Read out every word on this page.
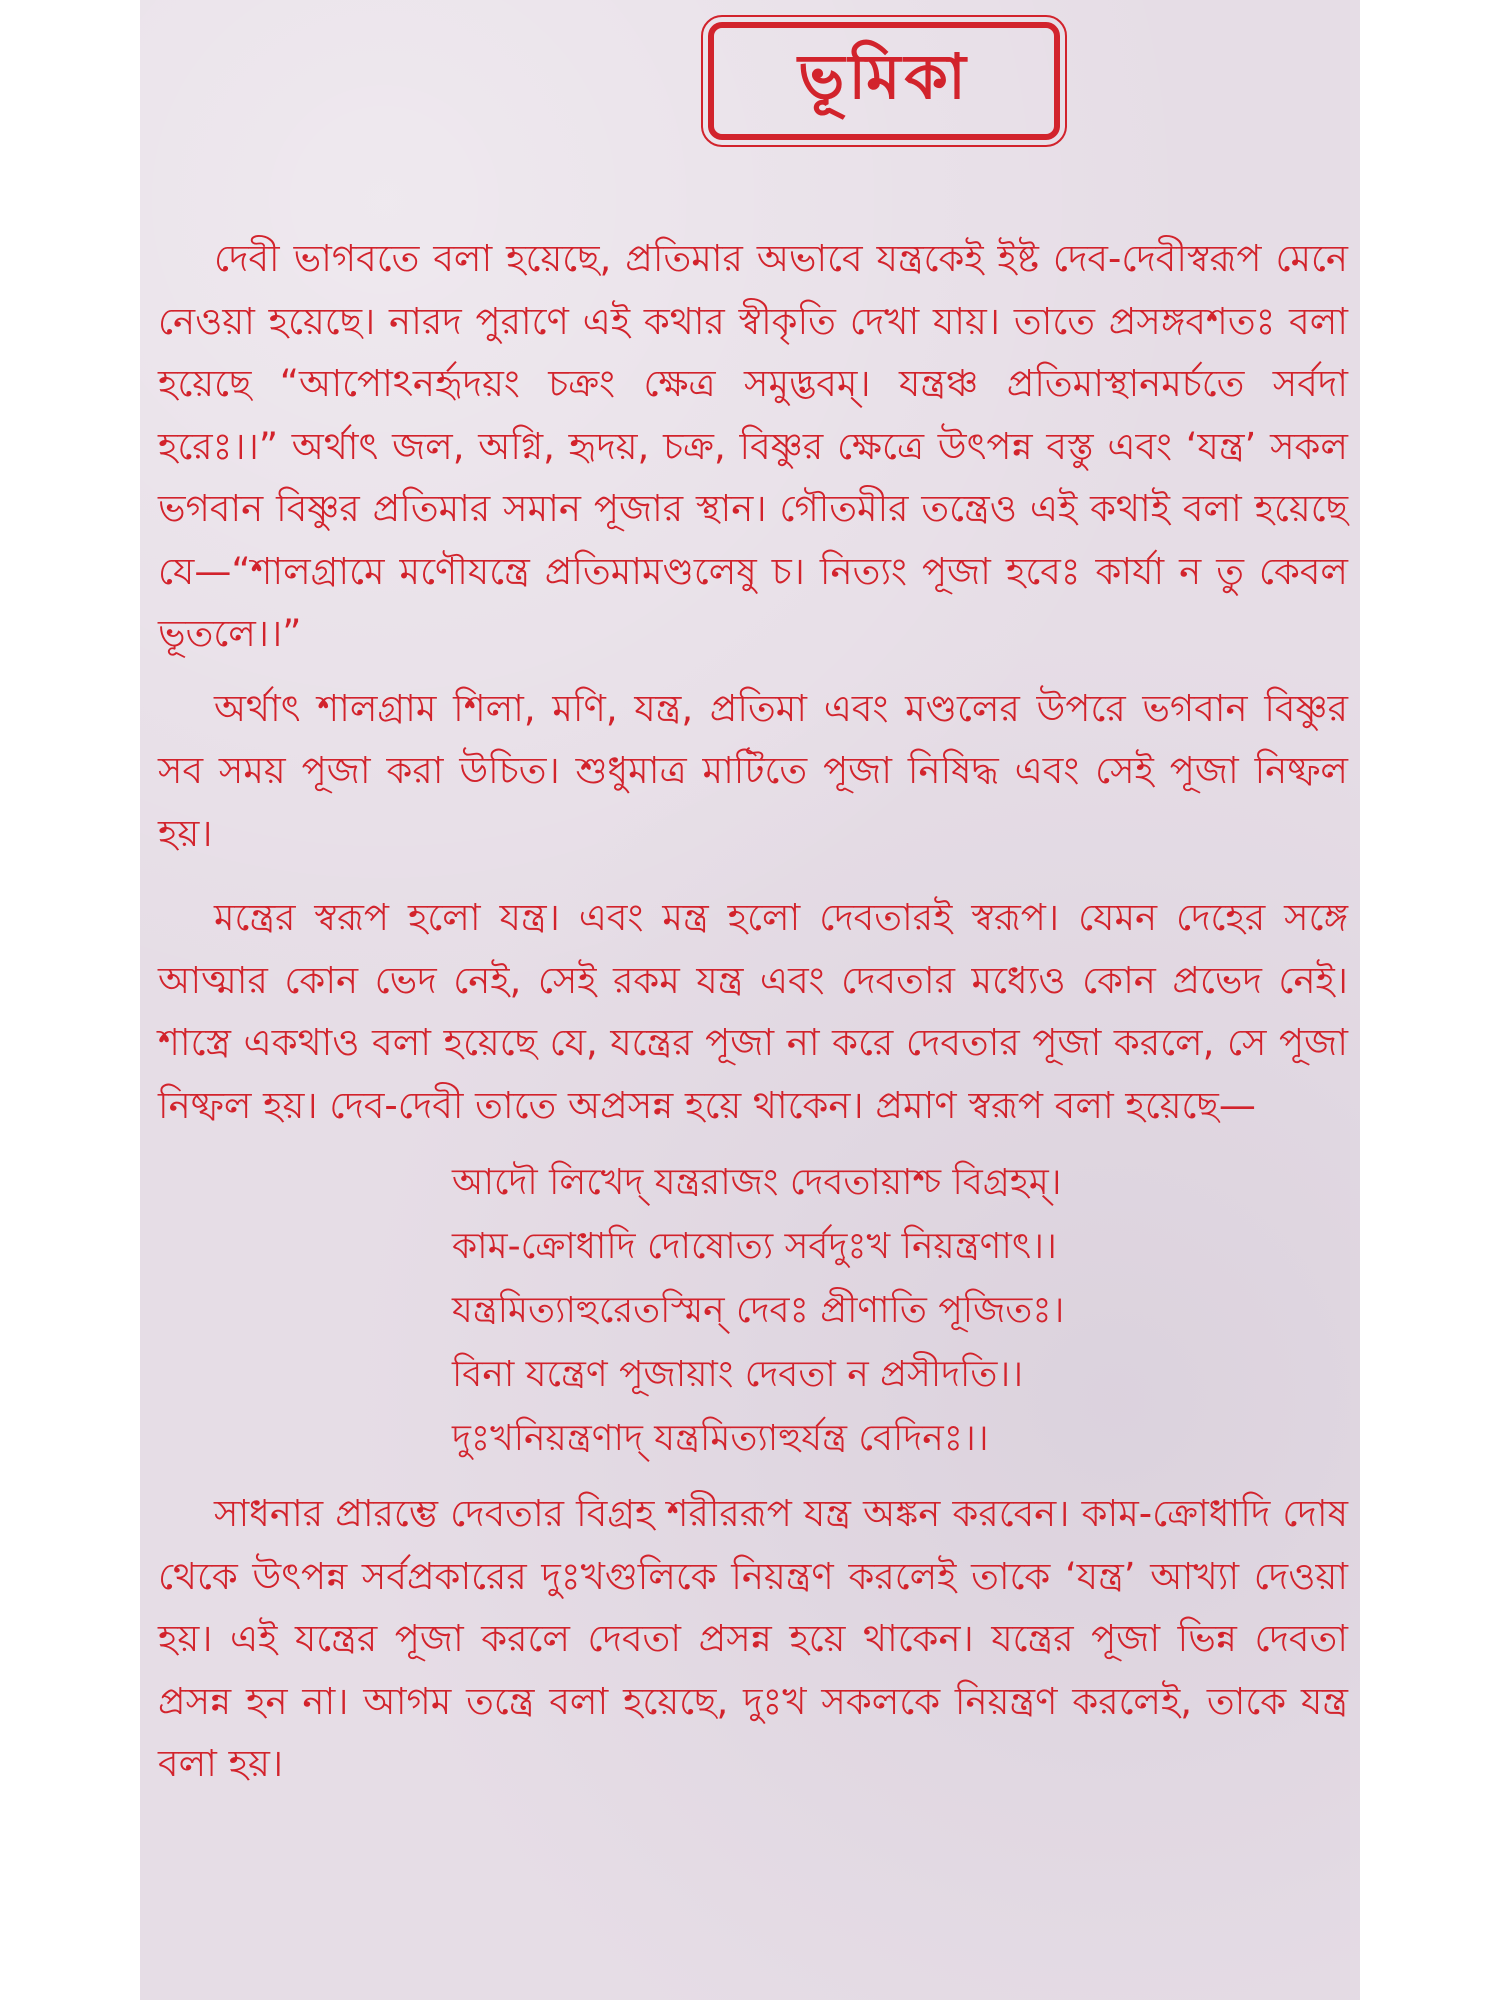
ভূমিকা

দেবী ভাগবতে বলা হয়েছে, প্রতিমার অভাবে যন্ত্রকেই ইষ্ট দেব-দেবীস্বরূপ মেনে নেওয়া হয়েছে। নারদ পুরাণে এই কথার স্বীকৃতি দেখা যায়। তাতে প্রসঙ্গবশতঃ বলা হয়েছে “আপোঽনর্হৃদয়ং চক্রং ক্ষেত্র সমুদ্ভবম্। যন্ত্রঞ্চ প্রতিমাস্থানমর্চতে সর্বদা হরেঃ।।” অর্থাৎ জল, অগ্নি, হৃদয়, চক্র, বিষ্ণুর ক্ষেত্রে উৎপন্ন বস্তু এবং ‘যন্ত্র’ সকল ভগবান বিষ্ণুর প্রতিমার সমান পূজার স্থান। গৌতমীর তন্ত্রেও এই কথাই বলা হয়েছে যে—“শালগ্রামে মণৌযন্ত্রে প্রতিমামণ্ডলেষু চ। নিত্যং পূজা হবেঃ কার্যা ন তু কেবল ভূতলে।।”

অর্থাৎ শালগ্রাম শিলা, মণি, যন্ত্র, প্রতিমা এবং মণ্ডলের উপরে ভগবান বিষ্ণুর সব সময় পূজা করা উচিত। শুধুমাত্র মাটিতে পূজা নিষিদ্ধ এবং সেই পূজা নিষ্ফল হয়।

মন্ত্রের স্বরূপ হলো যন্ত্র। এবং মন্ত্র হলো দেবতারই স্বরূপ। যেমন দেহের সঙ্গে আত্মার কোন ভেদ নেই, সেই রকম যন্ত্র এবং দেবতার মধ্যেও কোন প্রভেদ নেই। শাস্ত্রে একথাও বলা হয়েছে যে, যন্ত্রের পূজা না করে দেবতার পূজা করলে, সে পূজা নিষ্ফল হয়। দেব-দেবী তাতে অপ্রসন্ন হয়ে থাকেন। প্রমাণ স্বরূপ বলা হয়েছে—

আদৌ লিখেদ্ যন্ত্ররাজং দেবতায়াশ্চ বিগ্রহম্।
কাম-ক্রোধাদি দোষোত্য সর্বদুঃখ নিয়ন্ত্রণাৎ।।
যন্ত্রমিত্যাহুরেতস্মিন্ দেবঃ প্রীণাতি পূজিতঃ।
বিনা যন্ত্রেণ পূজায়াং দেবতা ন প্রসীদতি।।
দুঃখনিয়ন্ত্রণাদ্ যন্ত্রমিত্যাহুর্যন্ত্র বেদিনঃ।।

সাধনার প্রারম্ভে দেবতার বিগ্রহ শরীররূপ যন্ত্র অঙ্কন করবেন। কাম-ক্রোধাদি দোষ থেকে উৎপন্ন সর্বপ্রকারের দুঃখগুলিকে নিয়ন্ত্রণ করলেই তাকে ‘যন্ত্র’ আখ্যা দেওয়া হয়। এই যন্ত্রের পূজা করলে দেবতা প্রসন্ন হয়ে থাকেন। যন্ত্রের পূজা ভিন্ন দেবতা প্রসন্ন হন না। আগম তন্ত্রে বলা হয়েছে, দুঃখ সকলকে নিয়ন্ত্রণ করলেই, তাকে যন্ত্র বলা হয়।
